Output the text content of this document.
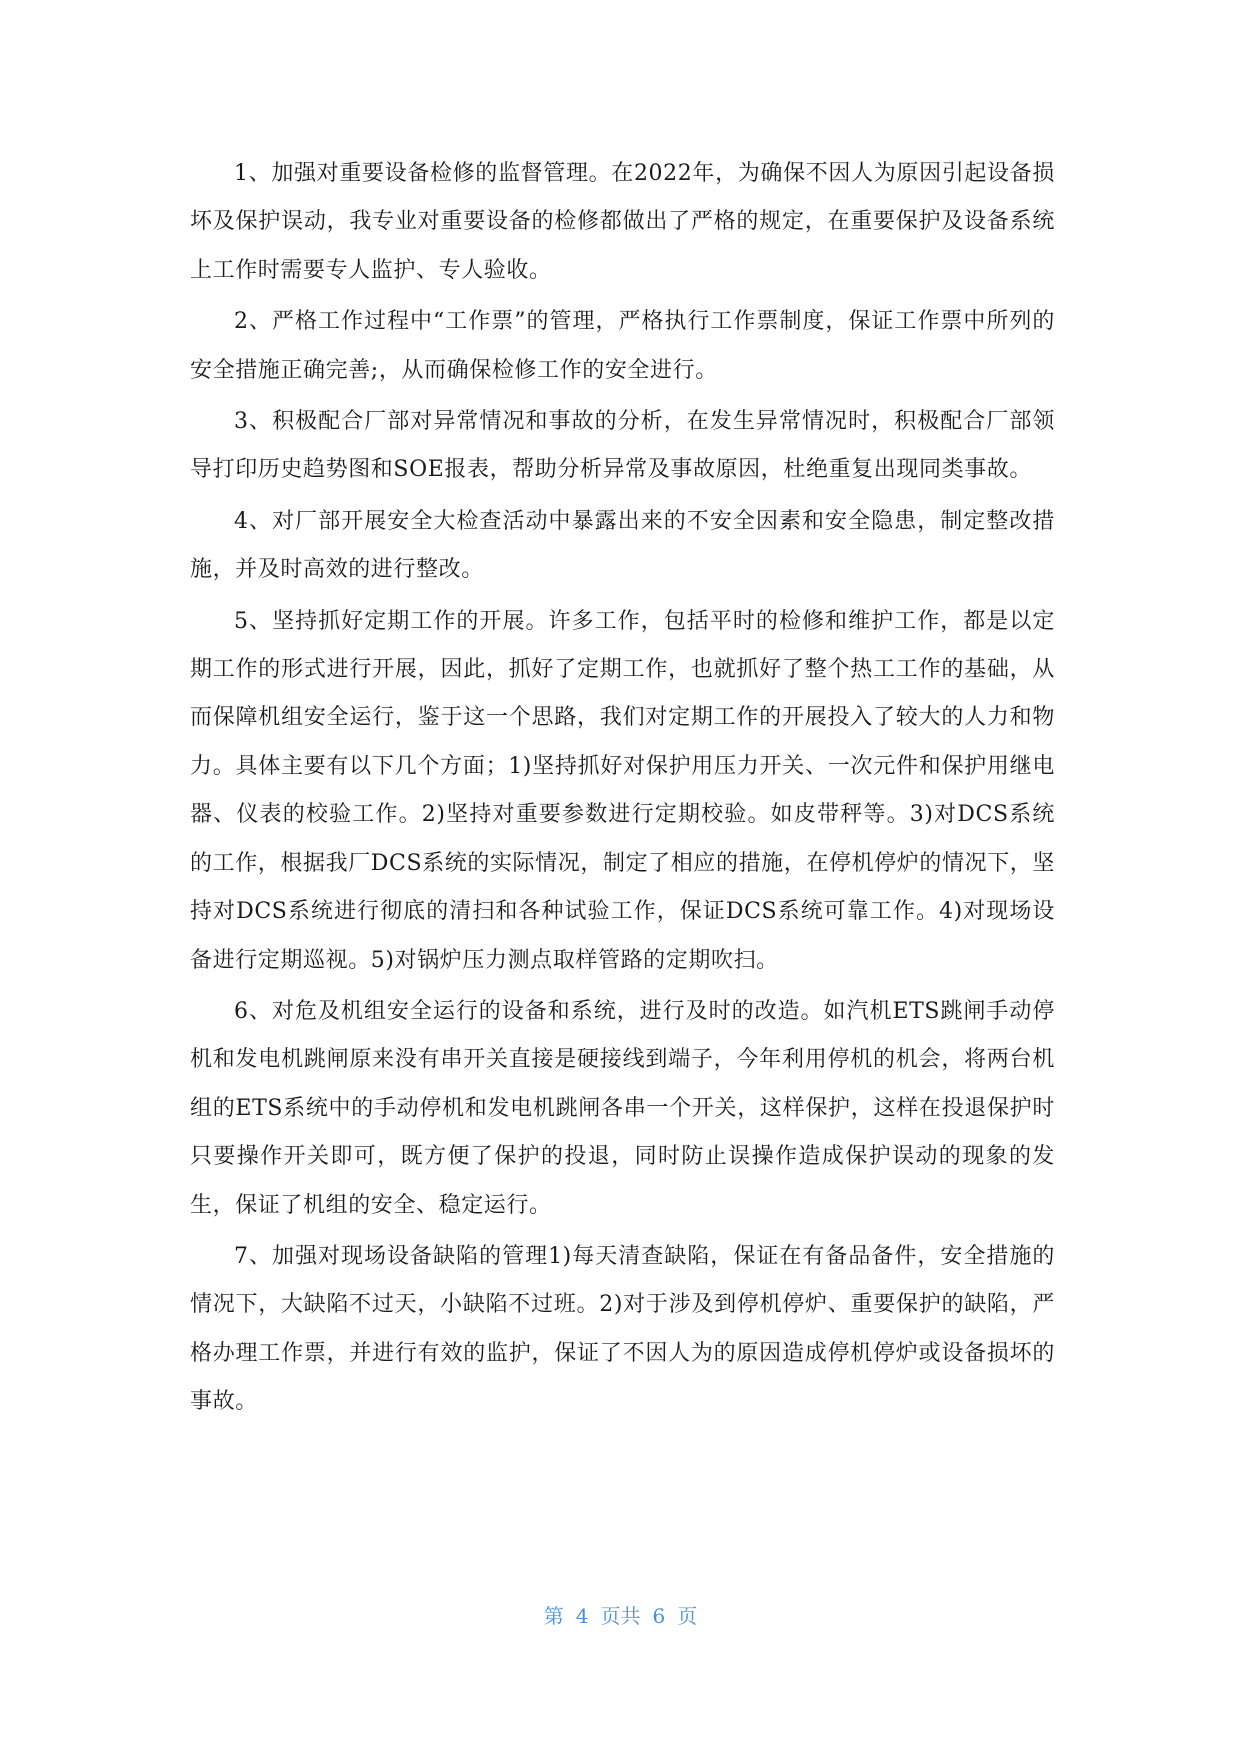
1、加强对重要设备检修的监督管理。在2022年，为确保不因人为原因引起设备损坏及保护误动，我专业对重要设备的检修都做出了严格的规定，在重要保护及设备系统上工作时需要专人监护、专人验收。

2、严格工作过程中“工作票”的管理，严格执行工作票制度，保证工作票中所列的安全措施正确完善;，从而确保检修工作的安全进行。

3、积极配合厂部对异常情况和事故的分析，在发生异常情况时，积极配合厂部领导打印历史趋势图和SOE报表，帮助分析异常及事故原因，杜绝重复出现同类事故。

4、对厂部开展安全大检查活动中暴露出来的不安全因素和安全隐患，制定整改措施，并及时高效的进行整改。

5、坚持抓好定期工作的开展。许多工作，包括平时的检修和维护工作，都是以定期工作的形式进行开展，因此，抓好了定期工作，也就抓好了整个热工工作的基础，从而保障机组安全运行，鉴于这一个思路，我们对定期工作的开展投入了较大的人力和物力。具体主要有以下几个方面；1)坚持抓好对保护用压力开关、一次元件和保护用继电器、仪表的校验工作。2)坚持对重要参数进行定期校验。如皮带秤等。3)对DCS系统的工作，根据我厂DCS系统的实际情况，制定了相应的措施，在停机停炉的情况下，坚持对DCS系统进行彻底的清扫和各种试验工作，保证DCS系统可靠工作。4)对现场设备进行定期巡视。5)对锅炉压力测点取样管路的定期吹扫。

6、对危及机组安全运行的设备和系统，进行及时的改造。如汽机ETS跳闸手动停机和发电机跳闸原来没有串开关直接是硬接线到端子，今年利用停机的机会，将两台机组的ETS系统中的手动停机和发电机跳闸各串一个开关，这样保护，这样在投退保护时只要操作开关即可，既方便了保护的投退，同时防止误操作造成保护误动的现象的发生，保证了机组的安全、稳定运行。

7、加强对现场设备缺陷的管理1)每天清查缺陷，保证在有备品备件，安全措施的情况下，大缺陷不过天，小缺陷不过班。2)对于涉及到停机停炉、重要保护的缺陷，严格办理工作票，并进行有效的监护，保证了不因人为的原因造成停机停炉或设备损坏的事故。

第 4 页共 6 页
